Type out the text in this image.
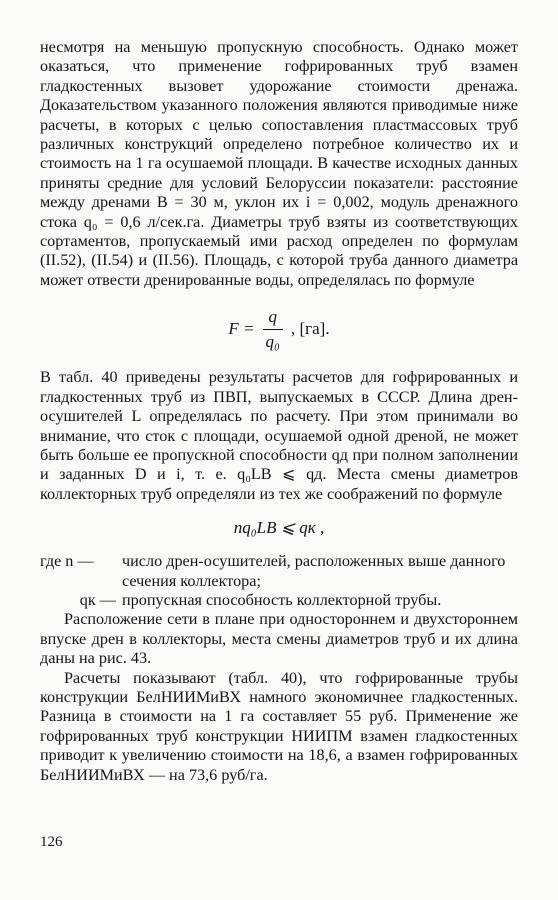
несмотря на меньшую пропускную способность. Однако может оказаться, что применение гофрированных труб взамен гладкостенных вызовет удорожание стоимости дренажа. Доказательством указанного положения являются приводимые ниже расчеты, в которых с целью сопоставления пластмассовых труб различных конструкций определено потребное количество их и стоимость на 1 га осушаемой площади. В качестве исходных данных приняты средние для условий Белоруссии показатели: расстояние между дренами B = 30 м, уклон их i = 0,002, модуль дренажного стока q₀ = 0,6 л/сек.га. Диаметры труб взяты из соответствующих сортаментов, пропускаемый ими расход определен по формулам (II.52), (II.54) и (II.56). Площадь, с которой труба данного диаметра может отвести дренированные воды, определялась по формуле

$F = \frac{q}{\text{q₀}}$ , [га].

В табл. 40 приведены результаты расчетов для гофрированных и гладкостенных труб из ПВП, выпускаемых в СССР. Длина дрен-осушителей L определялась по расчету. При этом принимали во внимание, что сток с площади, осушаемой одной дреной, не может быть больше ее пропускной способности qд при полном заполнении и заданных D и i, т. е. q₀LB ⩽ qд. Места смены диаметров коллекторных труб определяли из тех же соображений по формуле

nq₀LB ⩽ qк ,

где n —	число дрен-осушителей, расположенных выше данного сечения коллектора;
qк — пропускная способность коллекторной трубы.

Расположение сети в плане при одностороннем и двухстороннем впуске дрен в коллекторы, места смены диаметров труб и их длина даны на рис. 43.

Расчеты показывают (табл. 40), что гофрированные трубы конструкции БелНИИМиВХ намного экономичнее гладкостенных. Разница в стоимости на 1 га составляет 55 руб. Применение же гофрированных труб конструкции НИИПМ взамен гладкостенных приводит к увеличению стоимости на 18,6, а взамен гофрированных БелНИИМиВХ — на 73,6 руб/га.

126
